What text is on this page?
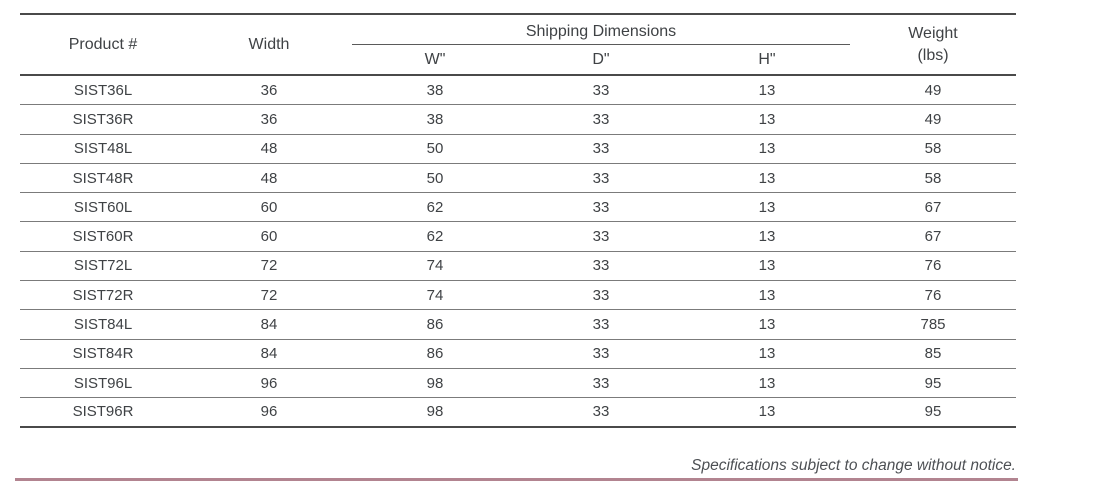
Product #	Width
Shipping Dimensions
W"	D"	H"
Weight
(lbs)
SIST36L	36	38	33	13	49
SIST36R	36	38	33	13	49
SIST48L	48	50	33	13	58
SIST48R	48	50	33	13	58
SIST60L	60	62	33	13	67
SIST60R	60	62	33	13	67
SIST72L	72	74	33	13	76
SIST72R	72	74	33	13	76
SIST84L	84	86	33	13	785
SIST84R	84	86	33	13	85
SIST96L	96	98	33	13	95
SIST96R	96	98	33	13	95
Specifications subject to change without notice.
